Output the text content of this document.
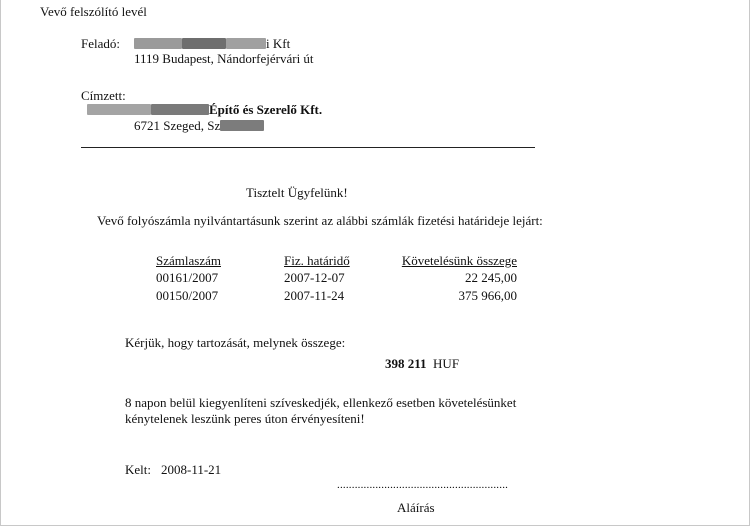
Vevő felszólító levél
Feladó:	i Kft
1119 Budapest, Nándorfejérvári út
Címzett:
Építő és Szerelő Kft.
6721 Szeged, Sz
Tisztelt Ügyfelünk!
Vevő folyószámla nyilvántartásunk szerint az alábbi számlák fizetési határideje lejárt:
Számlaszám	Fiz. határidő	Követelésünk összege
00161/2007	2007-12-07	22 245,00
00150/2007	2007-11-24	375 966,00
Kérjük, hogy tartozását, melynek összege:
398 211 HUF
8 napon belül kiegyenlíteni szíveskedjék, ellenkező esetben követelésünket
kénytelenek leszünk peres úton érvényesíteni!
Kelt: 2008-11-21
..........................................................
Aláírás
